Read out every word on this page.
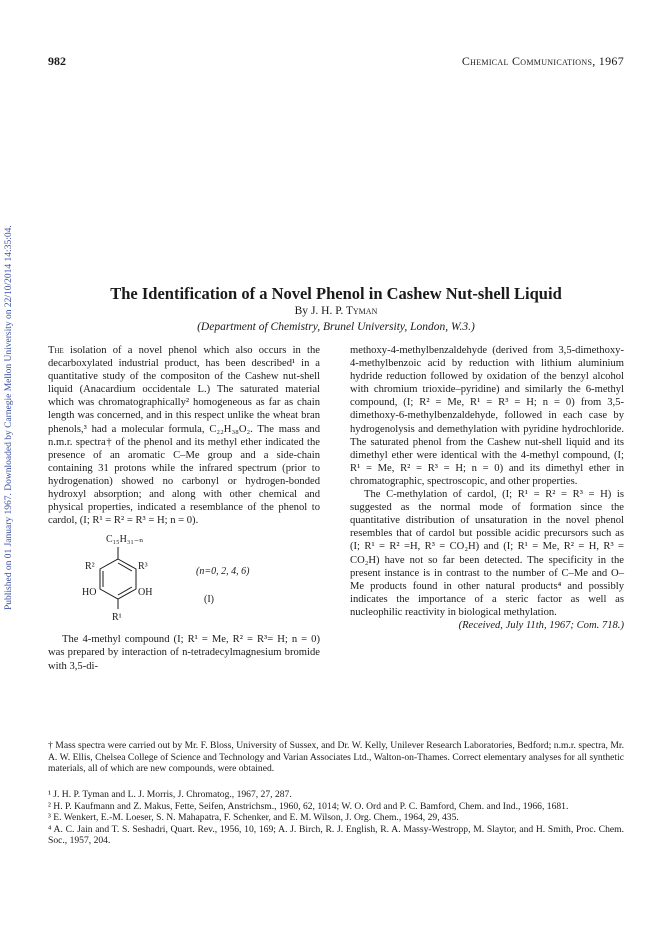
Published on 01 January 1967. Downloaded by Carnegie Mellon University on 22/10/2014 14:35:04.
982	Chemical Communications, 1967
The Identification of a Novel Phenol in Cashew Nut-shell Liquid
By J. H. P. Tyman
(Department of Chemistry, Brunel University, London, W.3.)

The isolation of a novel phenol which also occurs in the decarboxylated industrial product, has been described¹ in a quantitative study of the compositon of the Cashew nut-shell liquid (Anacardium occidentale L.) The saturated material which was chromatographically² homogeneous as far as chain length was concerned, and in this respect unlike the wheat bran phenols,³ had a molecular formula, C₂₂H₃₈O₂. The mass and n.m.r. spectra† of the phenol and its methyl ether indicated the presence of an aromatic C–Me group and a side-chain containing 31 protons while the infrared spectrum (prior to hydrogenation) showed no carbonyl or hydrogen-bonded hydroxyl absorption; and along with other chemical and physical properties, indicated a resemblance of the phenol to cardol, (I; R¹ = R² = R³ = H; n = 0).

C₁₅H₃₁₋ₙ
R²	R³
HO	OH
R¹
(n=0, 2, 4, 6)
(I)

The 4-methyl compound (I; R¹ = Me, R² = R³= H; n = 0) was prepared by interaction of n-tetradecylmagnesium bromide with 3,5-di-

methoxy-4-methylbenzaldehyde (derived from 3,5-dimethoxy-4-methylbenzoic acid by reduction with lithium aluminium hydride reduction followed by oxidation of the benzyl alcohol with chromium trioxide–pyridine) and similarly the 6-methyl compound, (I; R² = Me, R¹ = R³ = H; n = 0) from 3,5-dimethoxy-6-methylbenzaldehyde, followed in each case by hydrogenolysis and demethylation with pyridine hydrochloride. The saturated phenol from the Cashew nut-shell liquid and its dimethyl ether were identical with the 4-methyl compound, (I; R¹ = Me, R² = R³ = H; n = 0) and its dimethyl ether in chromatographic, spectroscopic, and other properties.

The C-methylation of cardol, (I; R¹ = R² = R³ = H) is suggested as the normal mode of formation since the quantitative distribution of unsaturation in the novel phenol resembles that of cardol but possible acidic precursors such as (I; R¹ = R² =H, R³ = CO₂H) and (I; R¹ = Me, R² = H, R³ = CO₂H) have not so far been detected. The specificity in the present instance is in contrast to the number of C–Me and O–Me products found in other natural products⁴ and possibly indicates the importance of a steric factor as well as nucleophilic reactivity in biological methylation.

(Received, July 11th, 1967; Com. 718.)

† Mass spectra were carried out by Mr. F. Bloss, University of Sussex, and Dr. W. Kelly, Unilever Research Laboratories, Bedford; n.m.r. spectra, Mr. A. W. Ellis, Chelsea College of Science and Technology and Varian Associates Ltd., Walton-on-Thames. Correct elementary analyses for all synthetic materials, all of which are new compounds, were obtained.

¹ J. H. P. Tyman and L. J. Morris, J. Chromatog., 1967, 27, 287.

² H. P. Kaufmann and Z. Makus, Fette, Seifen, Anstrichsm., 1960, 62, 1014; W. O. Ord and P. C. Bamford, Chem. and Ind., 1966, 1681.

³ E. Wenkert, E.-M. Loeser, S. N. Mahapatra, F. Schenker, and E. M. Wilson, J. Org. Chem., 1964, 29, 435.

⁴ A. C. Jain and T. S. Seshadri, Quart. Rev., 1956, 10, 169; A. J. Birch, R. J. English, R. A. Massy-Westropp, M. Slaytor, and H. Smith, Proc. Chem. Soc., 1957, 204.
